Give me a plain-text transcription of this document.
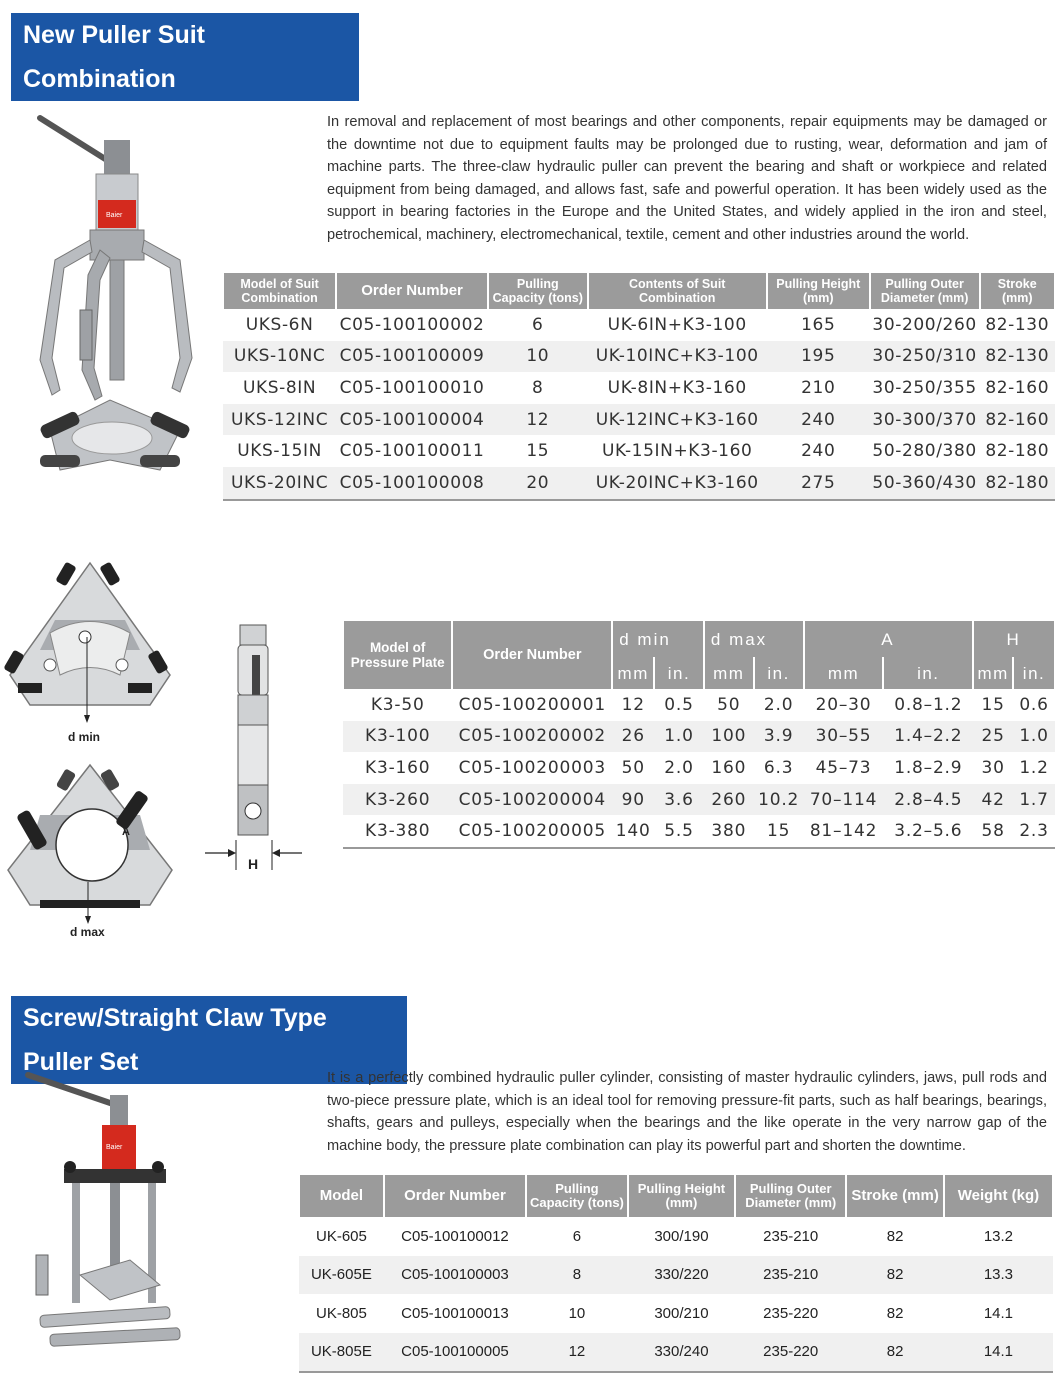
New Puller Suit Combination
Baier
In removal and replacement of most bearings and other components, repair equipments may be damaged or the downtime not due to equipment faults may be prolonged due to rusting, wear, deformation and jam of machine parts. The three-claw hydraulic puller can prevent the bearing and shaft or workpiece and related equipment from being damaged, and allows fast, safe and powerful operation. It has been widely used as the support in bearing factories in the Europe and the United States, and widely applied in the iron and steel, petrochemical, machinery, electromechanical, textile, cement and other industries around the world.
Model of Suit Combination	Order Number	Pulling Capacity (tons)	Contents of Suit Combination	Pulling Height (mm)	Pulling Outer Diameter (mm)	Stroke (mm)
UKS-6N	C05-100100002	6	UK-6IN+K3-100	165	30-200/260	82-130
UKS-10NC	C05-100100009	10	UK-10INC+K3-100	195	30-250/310	82-130
UKS-8IN	C05-100100010	8	UK-8IN+K3-160	210	30-250/355	82-160
UKS-12INC	C05-100100004	12	UK-12INC+K3-160	240	30-300/370	82-160
UKS-15IN	C05-100100011	15	UK-15IN+K3-160	240	50-280/380	82-180
UKS-20INC	C05-100100008	20	UK-20INC+K3-160	275	50-360/430	82-180
d min
A
d max
H
Model of Pressure Plate	Order Number	d min		d max		A		H	
		mm	in.	mm	in.	mm	in.	mm	in.
K3-50	C05-100200001	12	0.5	50	2.0	20–30	0.8–1.2	15	0.6
K3-100	C05-100200002	26	1.0	100	3.9	30–55	1.4–2.2	25	1.0
K3-160	C05-100200003	50	2.0	160	6.3	45–73	1.8–2.9	30	1.2
K3-260	C05-100200004	90	3.6	260	10.2	70–114	2.8–4.5	42	1.7
K3-380	C05-100200005	140	5.5	380	15	81–142	3.2–5.6	58	2.3
Screw/Straight Claw Type Puller Set
Baier
It is a perfectly combined hydraulic puller cylinder, consisting of master hydraulic cylinders, jaws, pull rods and two-piece pressure plate, which is an ideal tool for removing pressure-fit parts, such as half bearings, bearings, shafts, gears and pulleys, especially when the bearings and the like operate in the very narrow gap of the machine body, the pressure plate combination can play its powerful part and shorten the downtime.
Model	Order Number	Pulling Capacity (tons)	Pulling Height (mm)	Pulling Outer Diameter (mm)	Stroke (mm)	Weight (kg)
UK-605	C05-100100012	6	300/190	235-210	82	13.2
UK-605E	C05-100100003	8	330/220	235-210	82	13.3
UK-805	C05-100100013	10	300/210	235-220	82	14.1
UK-805E	C05-100100005	12	330/240	235-220	82	14.1
